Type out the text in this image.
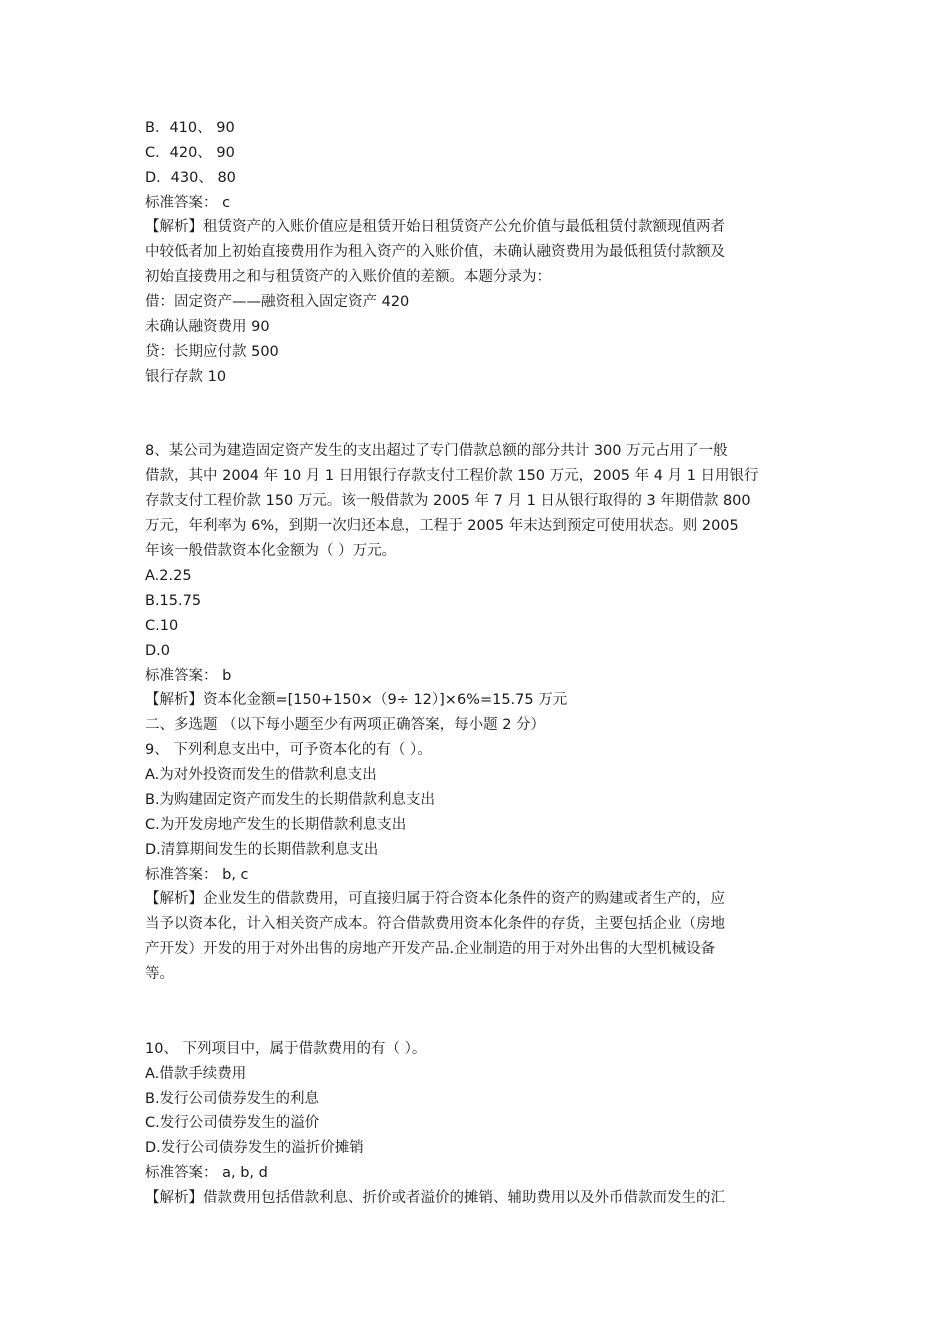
B．410、 90
C．420、 90
D．430、 80
标准答案： c
【解析】租赁资产的入账价值应是租赁开始日租赁资产公允价值与最低租赁付款额现值两者
中较低者加上初始直接费用作为租入资产的入账价值，未确认融资费用为最低租赁付款额及
初始直接费用之和与租赁资产的入账价值的差额。本题分录为：
借：固定资产——融资租入固定资产 420
未确认融资费用 90
贷：长期应付款 500
银行存款 10
8、某公司为建造固定资产发生的支出超过了专门借款总额的部分共计 300 万元占用了一般
借款，其中 2004 年 10 月 1 日用银行存款支付工程价款 150 万元，2005 年 4 月 1 日用银行
存款支付工程价款 150 万元。该一般借款为 2005 年 7 月 1 日从银行取得的 3 年期借款 800
万元，年利率为 6%，到期一次归还本息，工程于 2005 年末达到预定可使用状态。则 2005
年该一般借款资本化金额为（ ）万元。
A.2.25
B.15.75
C.10
D.0
标准答案： b
【解析】资本化金额=[150+150×（9÷ 12）]×6%=15.75 万元
二、多选题 （以下每小题至少有两项正确答案，每小题 2 分）
9、 下列利息支出中，可予资本化的有（ ）。
A.为对外投资而发生的借款利息支出
B.为购建固定资产而发生的长期借款利息支出
C.为开发房地产发生的长期借款利息支出
D.清算期间发生的长期借款利息支出
标准答案： b, c
【解析】企业发生的借款费用，可直接归属于符合资本化条件的资产的购建或者生产的，应
当予以资本化，计入相关资产成本。符合借款费用资本化条件的存货，主要包括企业（房地
产开发）开发的用于对外出售的房地产开发产品.企业制造的用于对外出售的大型机械设备
等。
10、 下列项目中，属于借款费用的有（ ）。
A.借款手续费用
B.发行公司债券发生的利息
C.发行公司债券发生的溢价
D.发行公司债券发生的溢折价摊销
标准答案： a, b, d
【解析】借款费用包括借款利息、折价或者溢价的摊销、辅助费用以及外币借款而发生的汇
